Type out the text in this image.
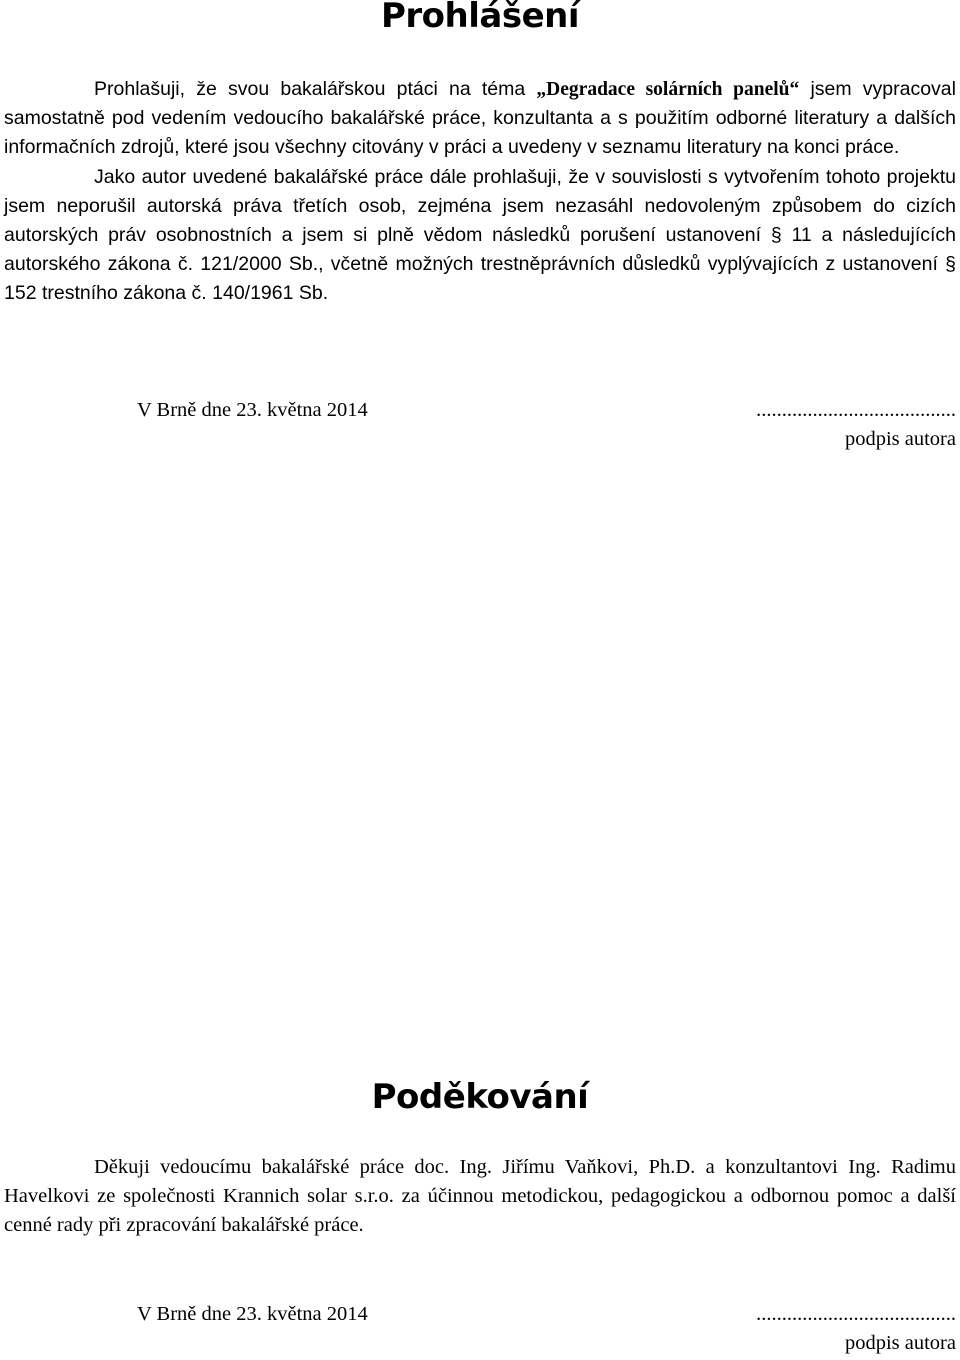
Prohlášení

Prohlašuji, že svou bakalářskou ptáci na téma „Degradace solárních panelů“ jsem vypracoval samostatně pod vedením vedoucího bakalářské práce, konzultanta a s použitím odborné literatury a dalších informačních zdrojů, které jsou všechny citovány v práci a uvedeny v seznamu literatury na konci práce.

Jako autor uvedené bakalářské práce dále prohlašuji, že v souvislosti s vytvořením tohoto projektu jsem neporušil autorská práva třetích osob, zejména jsem nezasáhl nedovoleným způsobem do cizích autorských práv osobnostních a jsem si plně vědom následků porušení ustanovení § 11 a následujících autorského zákona č. 121/2000 Sb., včetně možných trestněprávních důsledků vyplývajících z ustanovení § 152 trestního zákona č. 140/1961 Sb.

V Brně dne 23. května 2014	.......................................
podpis autora
Poděkování

Děkuji vedoucímu bakalářské práce doc. Ing. Jiřímu Vaňkovi, Ph.D. a konzultantovi Ing. Radimu Havelkovi ze společnosti Krannich solar s.r.o. za účinnou metodickou, pedagogickou a odbornou pomoc a další cenné rady při zpracování bakalářské práce.

V Brně dne 23. května 2014	.......................................
podpis autora
